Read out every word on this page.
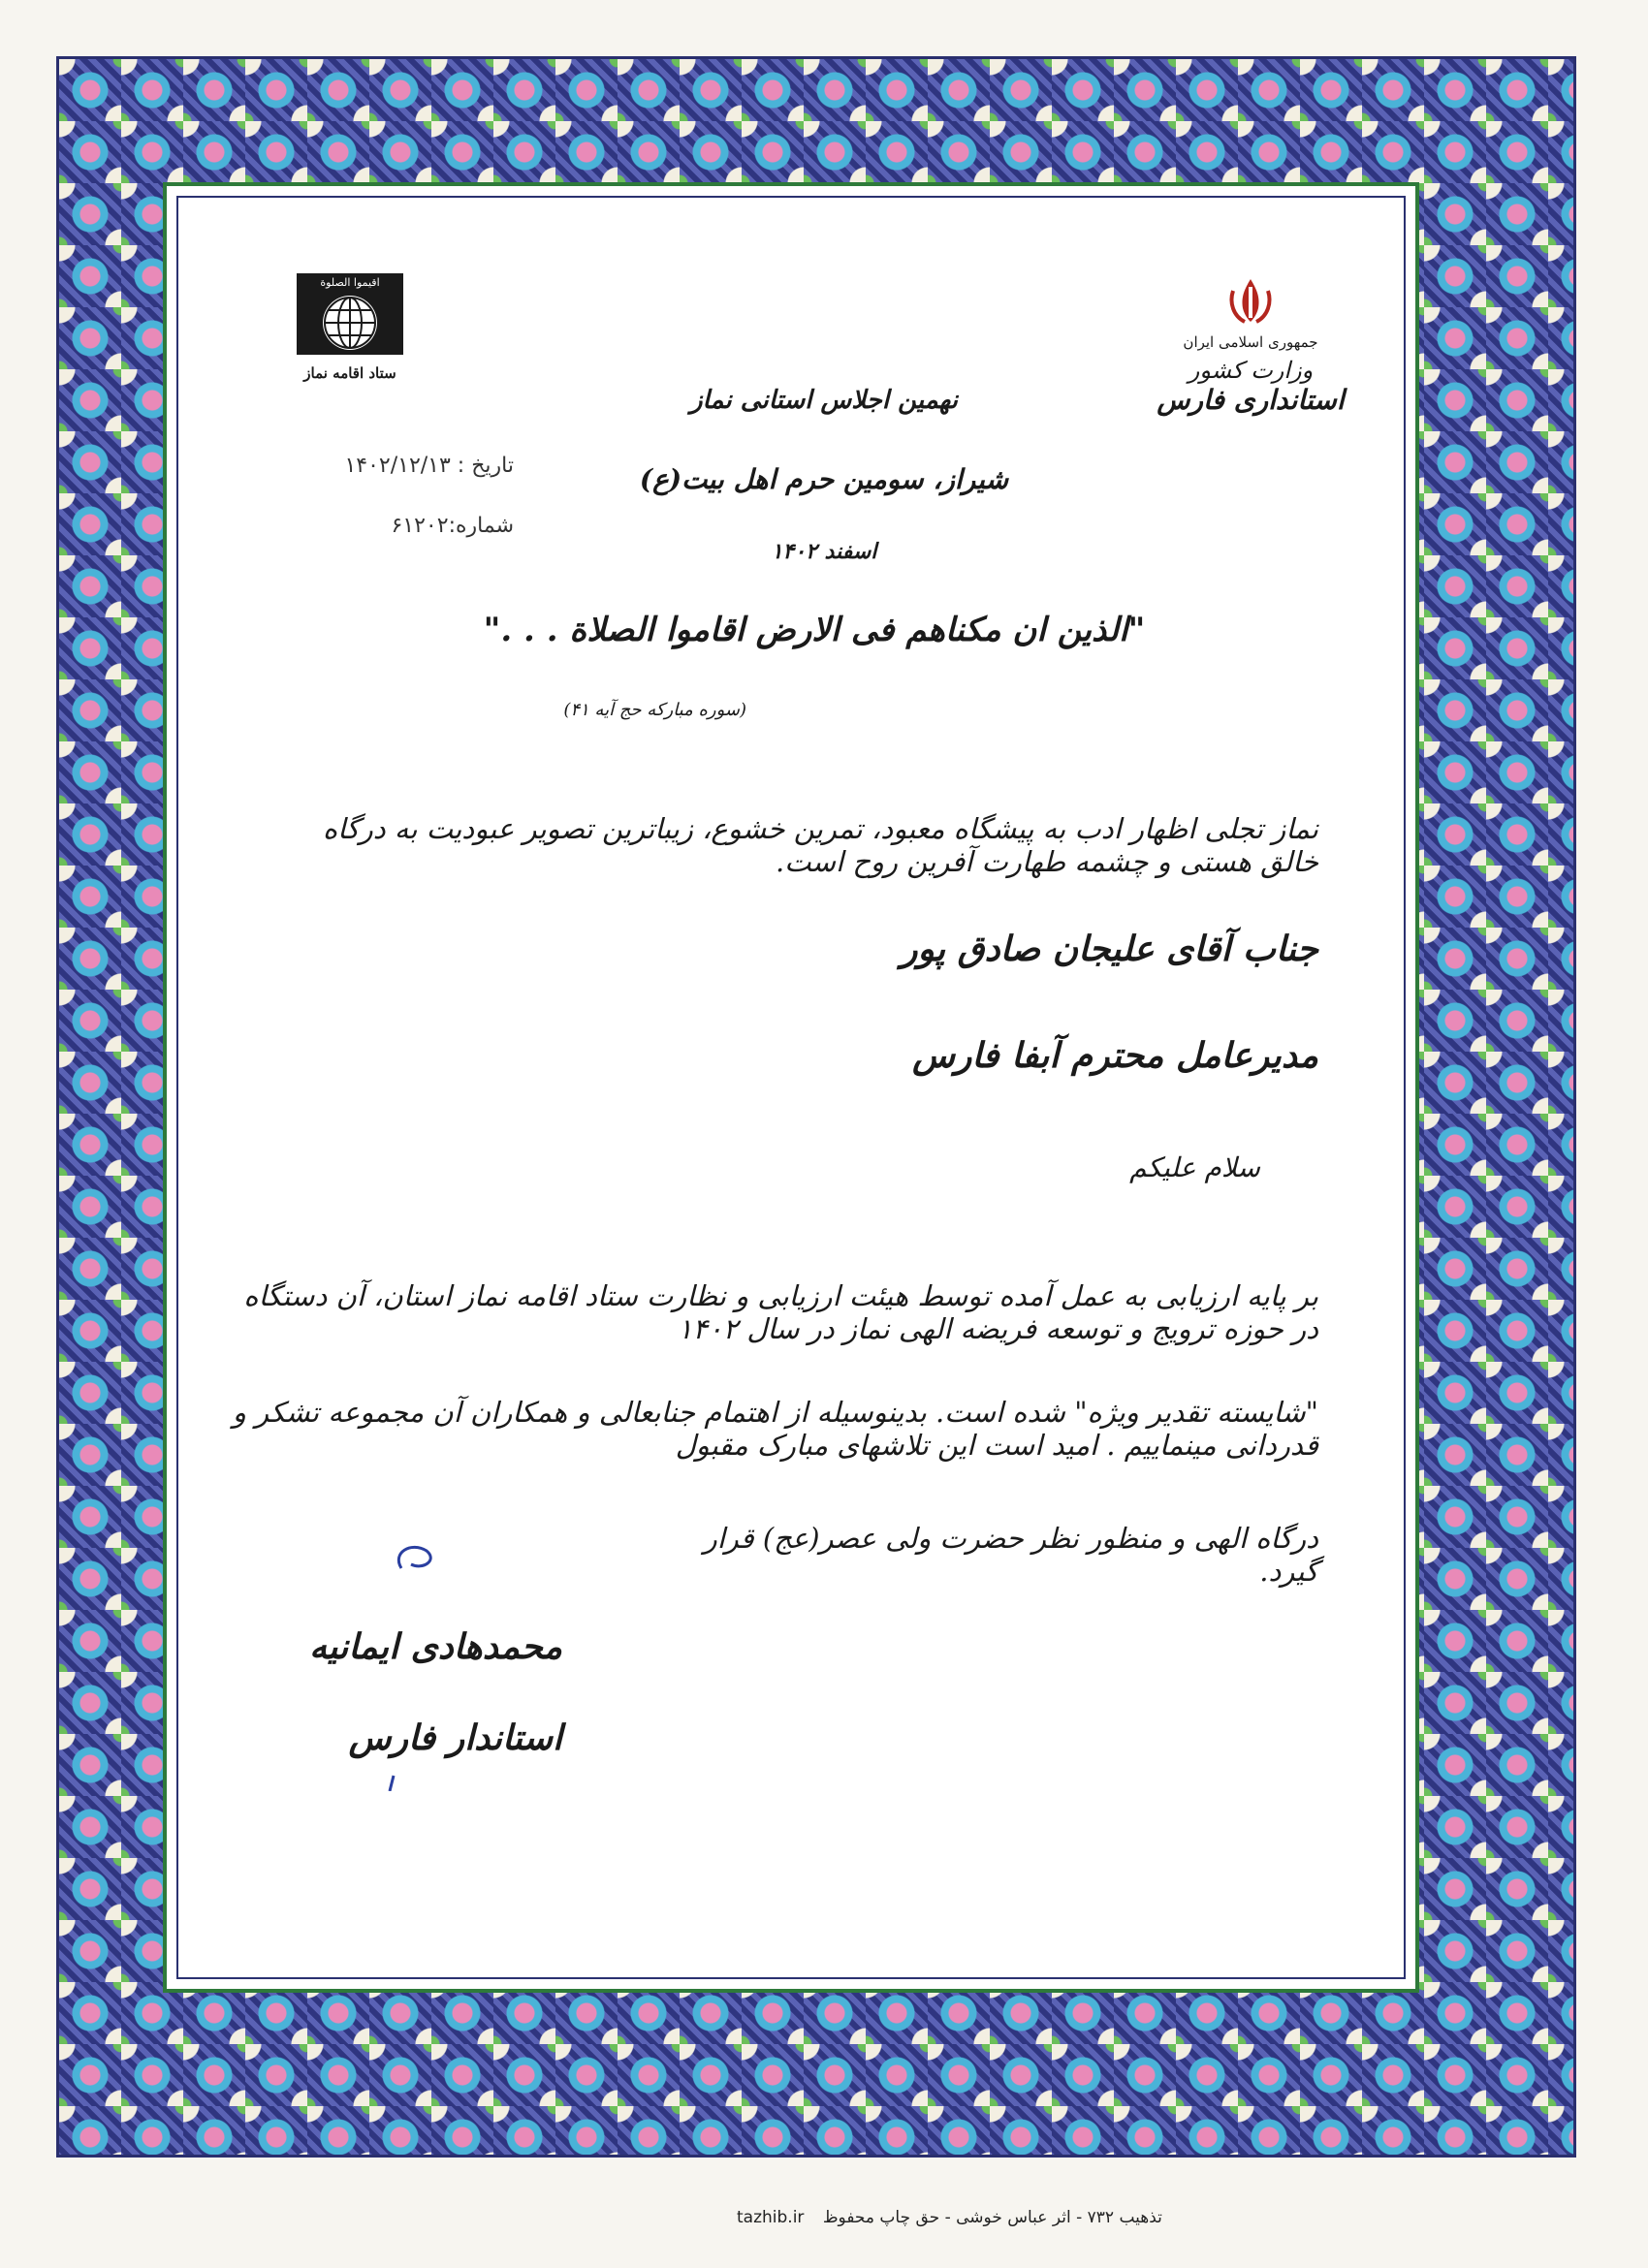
جمهوری اسلامی ایران
وزارت کشور
استانداری فارس
اقیموا الصلوة
ستاد اقامه نماز
نهمین اجلاس استانی نماز
شیراز، سومین حرم اهل بیت(ع)
اسفند ۱۴۰۲
"الذین ان مکناهم فی الارض اقاموا الصلاة . . ."
(سوره مبارکه حج آیه ۴۱)
تاریخ : ۱۴۰۲/۱۲/۱۳
شماره:۶۱۲۰۲
نماز تجلی اظهار ادب به پیشگاه معبود، تمرین خشوع، زیباترین تصویر عبودیت به درگاه خالق هستی و چشمه طهارت آفرین روح است.
جناب آقای علیجان صادق پور
مدیرعامل محترم آبفا فارس
سلام علیکم
بر پایه ارزیابی به عمل آمده توسط هیئت ارزیابی و نظارت ستاد اقامه نماز استان، آن دستگاه در حوزه ترویج و توسعه فریضه الهی نماز در سال ۱۴۰۲
"شایسته تقدیر ویژه" شده است. بدینوسیله از اهتمام جنابعالی و همکاران آن مجموعه تشکر و قدردانی مینماییم . امید است این تلاشهای مبارک مقبول
درگاه الهی و منظور نظر حضرت ولی عصر(عج) قرار گیرد.
محمدهادی ایمانیه
استاندار فارس
tazhib.ir تذهیب ۷۳۲ - اثر عباس خوشی - حق چاپ محفوظ
